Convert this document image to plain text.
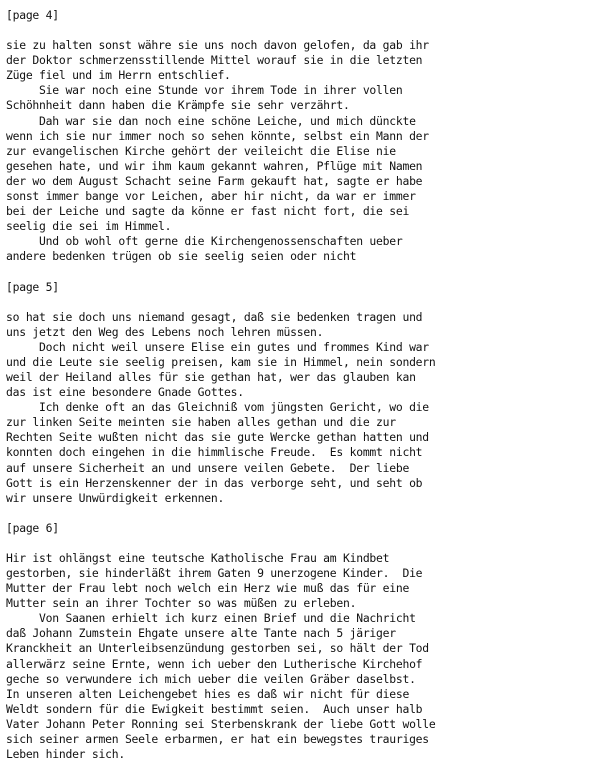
[page 4]
sie zu halten sonst währe sie uns noch davon gelofen, da gab ihr
der Doktor schmerzensstillende Mittel worauf sie in die letzten
Züge fiel und im Herrn entschlief.
Sie war noch eine Stunde vor ihrem Tode in ihrer vollen
Schöhnheit dann haben die Krämpfe sie sehr verzährt.
Dah war sie dan noch eine schöne Leiche, und mich dünckte
wenn ich sie nur immer noch so sehen könnte, selbst ein Mann der
zur evangelischen Kirche gehört der veileicht die Elise nie
gesehen hate, und wir ihm kaum gekannt wahren, Pflüge mit Namen
der wo dem August Schacht seine Farm gekauft hat, sagte er habe
sonst immer bange vor Leichen, aber hir nicht, da war er immer
bei der Leiche und sagte da könne er fast nicht fort, die sei
seelig die sei im Himmel.
Und ob wohl oft gerne die Kirchengenossenschaften ueber
andere bedenken trügen ob sie seelig seien oder nicht
[page 5]
so hat sie doch uns niemand gesagt, daß sie bedenken tragen und
uns jetzt den Weg des Lebens noch lehren müssen.
Doch nicht weil unsere Elise ein gutes und frommes Kind war
und die Leute sie seelig preisen, kam sie in Himmel, nein sondern
weil der Heiland alles für sie gethan hat, wer das glauben kan
das ist eine besondere Gnade Gottes.
Ich denke oft an das Gleichniß vom jüngsten Gericht, wo die
zur linken Seite meinten sie haben alles gethan und die zur
Rechten Seite wußten nicht das sie gute Wercke gethan hatten und
konnten doch eingehen in die himmlische Freude.  Es kommt nicht
auf unsere Sicherheit an und unsere veilen Gebete.  Der liebe
Gott is ein Herzenskenner der in das verborge seht, und seht ob
wir unsere Unwürdigkeit erkennen.
[page 6]
Hir ist ohlängst eine teutsche Katholische Frau am Kindbet
gestorben, sie hinderläßt ihrem Gaten 9 unerzogene Kinder.  Die
Mutter der Frau lebt noch welch ein Herz wie muß das für eine
Mutter sein an ihrer Tochter so was müßen zu erleben.
Von Saanen erhielt ich kurz einen Brief und die Nachricht
daß Johann Zumstein Ehgate unsere alte Tante nach 5 järiger
Kranckheit an Unterleibsenzündung gestorben sei, so hält der Tod
allerwärz seine Ernte, wenn ich ueber den Lutherische Kirchehof
geche so verwundere ich mich ueber die veilen Gräber daselbst.
In unseren alten Leichengebet hies es daß wir nicht für diese
Weldt sondern für die Ewigkeit bestimmt seien.  Auch unser halb
Vater Johann Peter Ronning sei Sterbenskrank der liebe Gott wolle
sich seiner armen Seele erbarmen, er hat ein bewegstes trauriges
Leben hinder sich.
